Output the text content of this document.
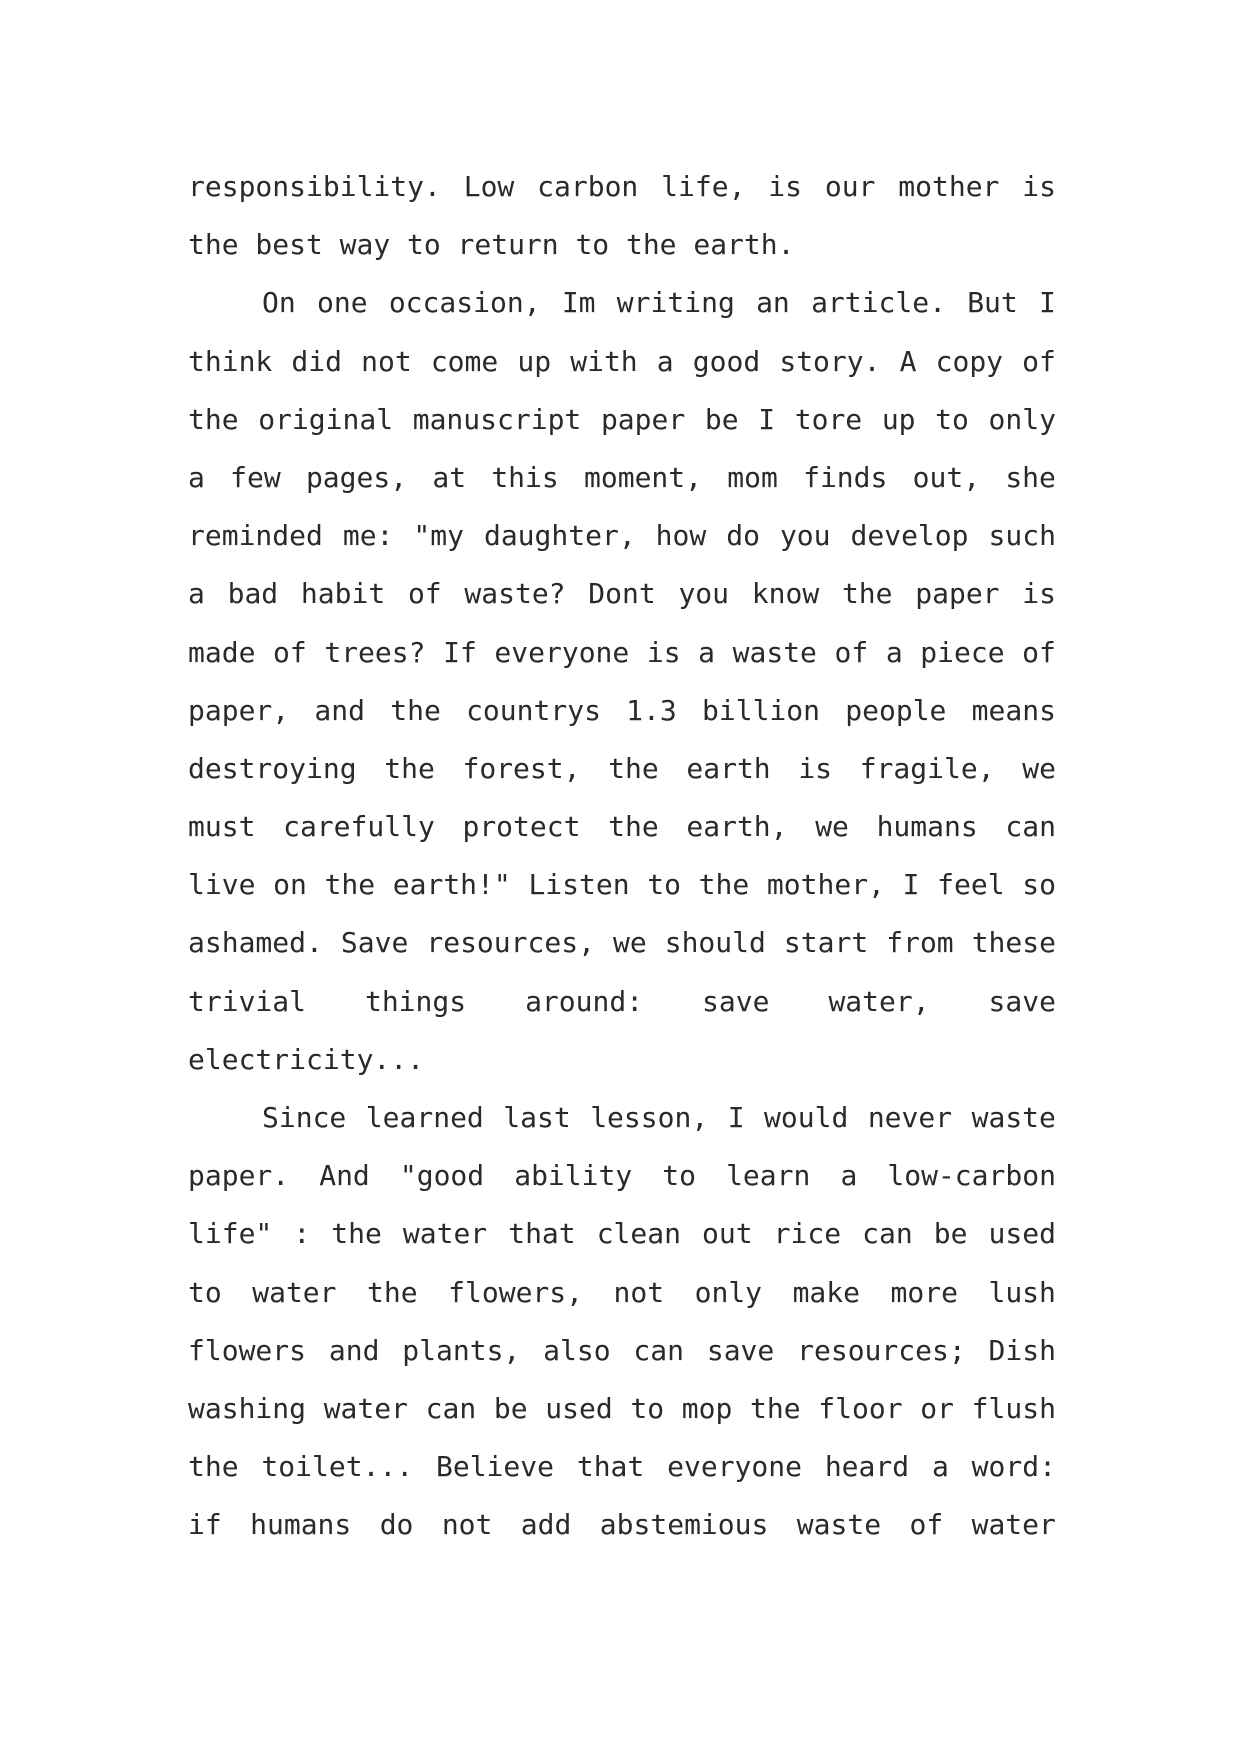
responsibility. Low carbon life, is our mother is
the best way to return to the earth.
On one occasion, Im writing an article. But I
think did not come up with a good story. A copy of
the original manuscript paper be I tore up to only
a few pages, at this moment, mom finds out, she
reminded me: "my daughter, how do you develop such
a bad habit of waste? Dont you know the paper is
made of trees? If everyone is a waste of a piece of
paper, and the countrys 1.3 billion people means
destroying the forest, the earth is fragile, we
must carefully protect the earth, we humans can
live on the earth!" Listen to the mother, I feel so
ashamed. Save resources, we should start from these
trivial things around: save water, save
electricity...
Since learned last lesson, I would never waste
paper. And "good ability to learn a low-carbon
life" : the water that clean out rice can be used
to water the flowers, not only make more lush
flowers and plants, also can save resources; Dish
washing water can be used to mop the floor or flush
the toilet... Believe that everyone heard a word:
if humans do not add abstemious waste of water
